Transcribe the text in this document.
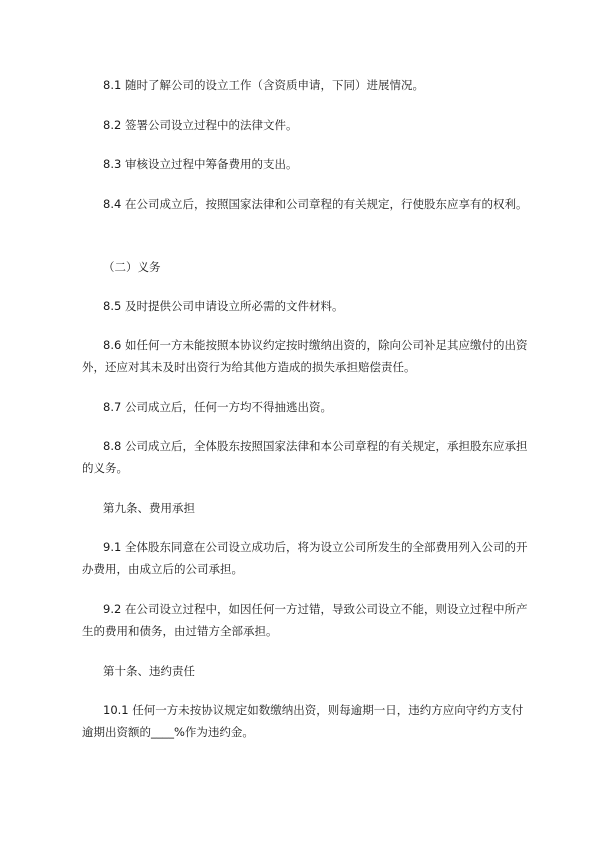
8.1 随时了解公司的设立工作（含资质申请，下同）进展情况。

8.2 签署公司设立过程中的法律文件。

8.3 审核设立过程中筹备费用的支出。

8.4 在公司成立后，按照国家法律和公司章程的有关规定，行使股东应享有的权利。

（二）义务

8.5 及时提供公司申请设立所必需的文件材料。

8.6 如任何一方未能按照本协议约定按时缴纳出资的，除向公司补足其应缴付的出资外，还应对其未及时出资行为给其他方造成的损失承担赔偿责任。

8.7 公司成立后，任何一方均不得抽逃出资。

8.8 公司成立后，全体股东按照国家法律和本公司章程的有关规定，承担股东应承担的义务。

第九条、费用承担

9.1 全体股东同意在公司设立成功后，将为设立公司所发生的全部费用列入公司的开办费用，由成立后的公司承担。

9.2 在公司设立过程中，如因任何一方过错，导致公司设立不能，则设立过程中所产生的费用和债务，由过错方全部承担。

第十条、违约责任

10.1 任何一方未按协议规定如数缴纳出资，则每逾期一日，违约方应向守约方支付逾期出资额的____%作为违约金。
